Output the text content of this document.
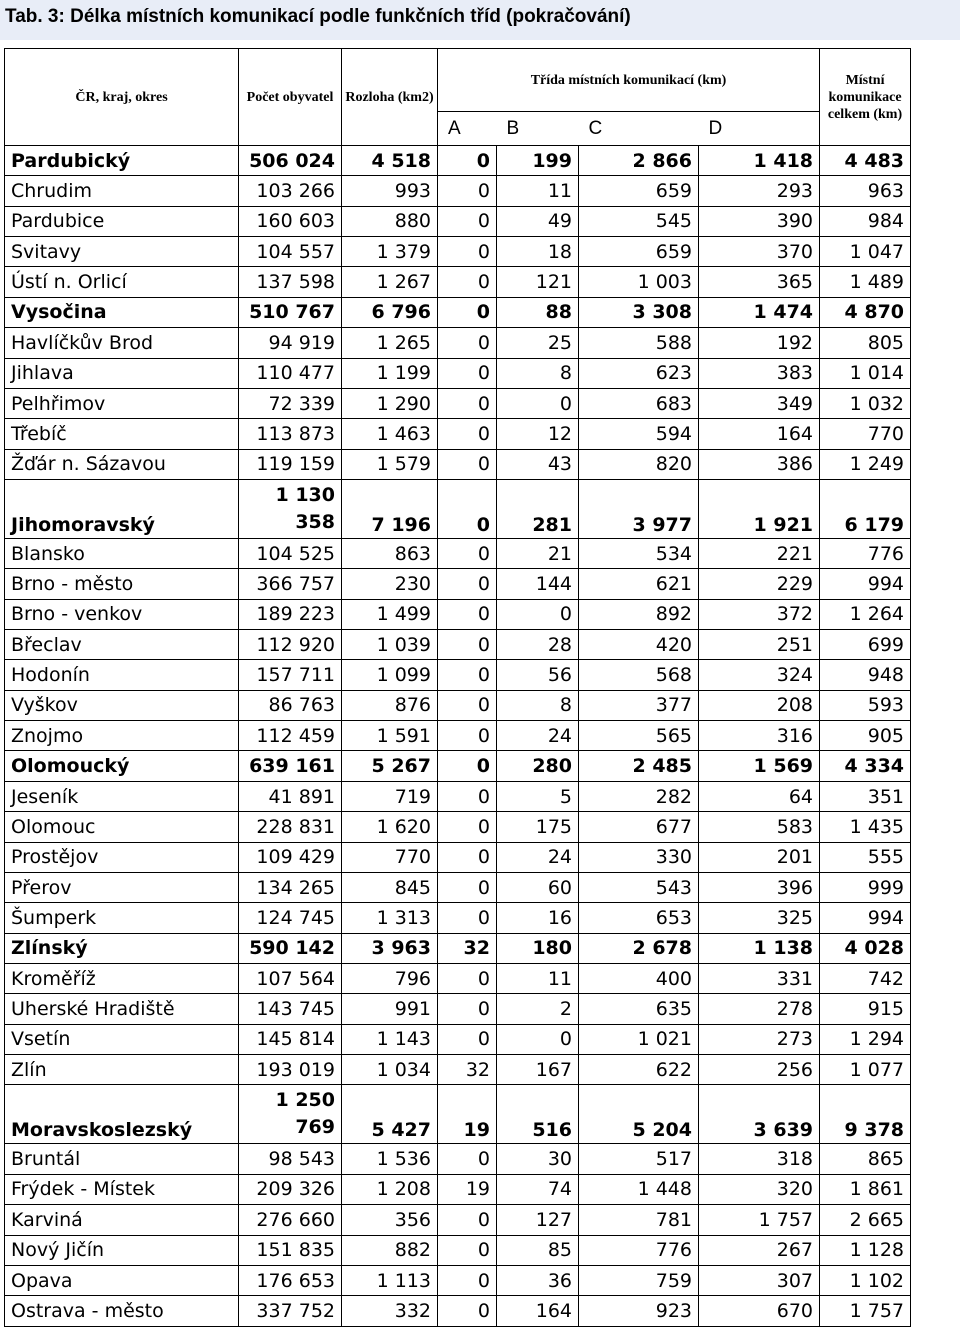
Tab. 3: Délka místních komunikací podle funkčních tříd (pokračování)
ČR, kraj, okres	Počet obyvatel	Rozloha (km2)	Třída místních komunikací (km)				Místní komunikace celkem (km)
			A	B	C	D	
Pardubický	506 024	4 518	0	199	2 866	1 418	4 483
Chrudim	103 266	993	0	11	659	293	963
Pardubice	160 603	880	0	49	545	390	984
Svitavy	104 557	1 379	0	18	659	370	1 047
Ústí n. Orlicí	137 598	1 267	0	121	1 003	365	1 489
Vysočina	510 767	6 796	0	88	3 308	1 474	4 870
Havlíčkův Brod	94 919	1 265	0	25	588	192	805
Jihlava	110 477	1 199	0	8	623	383	1 014
Pelhřimov	72 339	1 290	0	0	683	349	1 032
Třebíč	113 873	1 463	0	12	594	164	770
Žďár n. Sázavou	119 159	1 579	0	43	820	386	1 249
Jihomoravský	1 130 358	7 196	0	281	3 977	1 921	6 179
Blansko	104 525	863	0	21	534	221	776
Brno - město	366 757	230	0	144	621	229	994
Brno - venkov	189 223	1 499	0	0	892	372	1 264
Břeclav	112 920	1 039	0	28	420	251	699
Hodonín	157 711	1 099	0	56	568	324	948
Vyškov	86 763	876	0	8	377	208	593
Znojmo	112 459	1 591	0	24	565	316	905
Olomoucký	639 161	5 267	0	280	2 485	1 569	4 334
Jeseník	41 891	719	0	5	282	64	351
Olomouc	228 831	1 620	0	175	677	583	1 435
Prostějov	109 429	770	0	24	330	201	555
Přerov	134 265	845	0	60	543	396	999
Šumperk	124 745	1 313	0	16	653	325	994
Zlínský	590 142	3 963	32	180	2 678	1 138	4 028
Kroměříž	107 564	796	0	11	400	331	742
Uherské Hradiště	143 745	991	0	2	635	278	915
Vsetín	145 814	1 143	0	0	1 021	273	1 294
Zlín	193 019	1 034	32	167	622	256	1 077
Moravskoslezský	1 250 769	5 427	19	516	5 204	3 639	9 378
Bruntál	98 543	1 536	0	30	517	318	865
Frýdek - Místek	209 326	1 208	19	74	1 448	320	1 861
Karviná	276 660	356	0	127	781	1 757	2 665
Nový Jičín	151 835	882	0	85	776	267	1 128
Opava	176 653	1 113	0	36	759	307	1 102
Ostrava - město	337 752	332	0	164	923	670	1 757
